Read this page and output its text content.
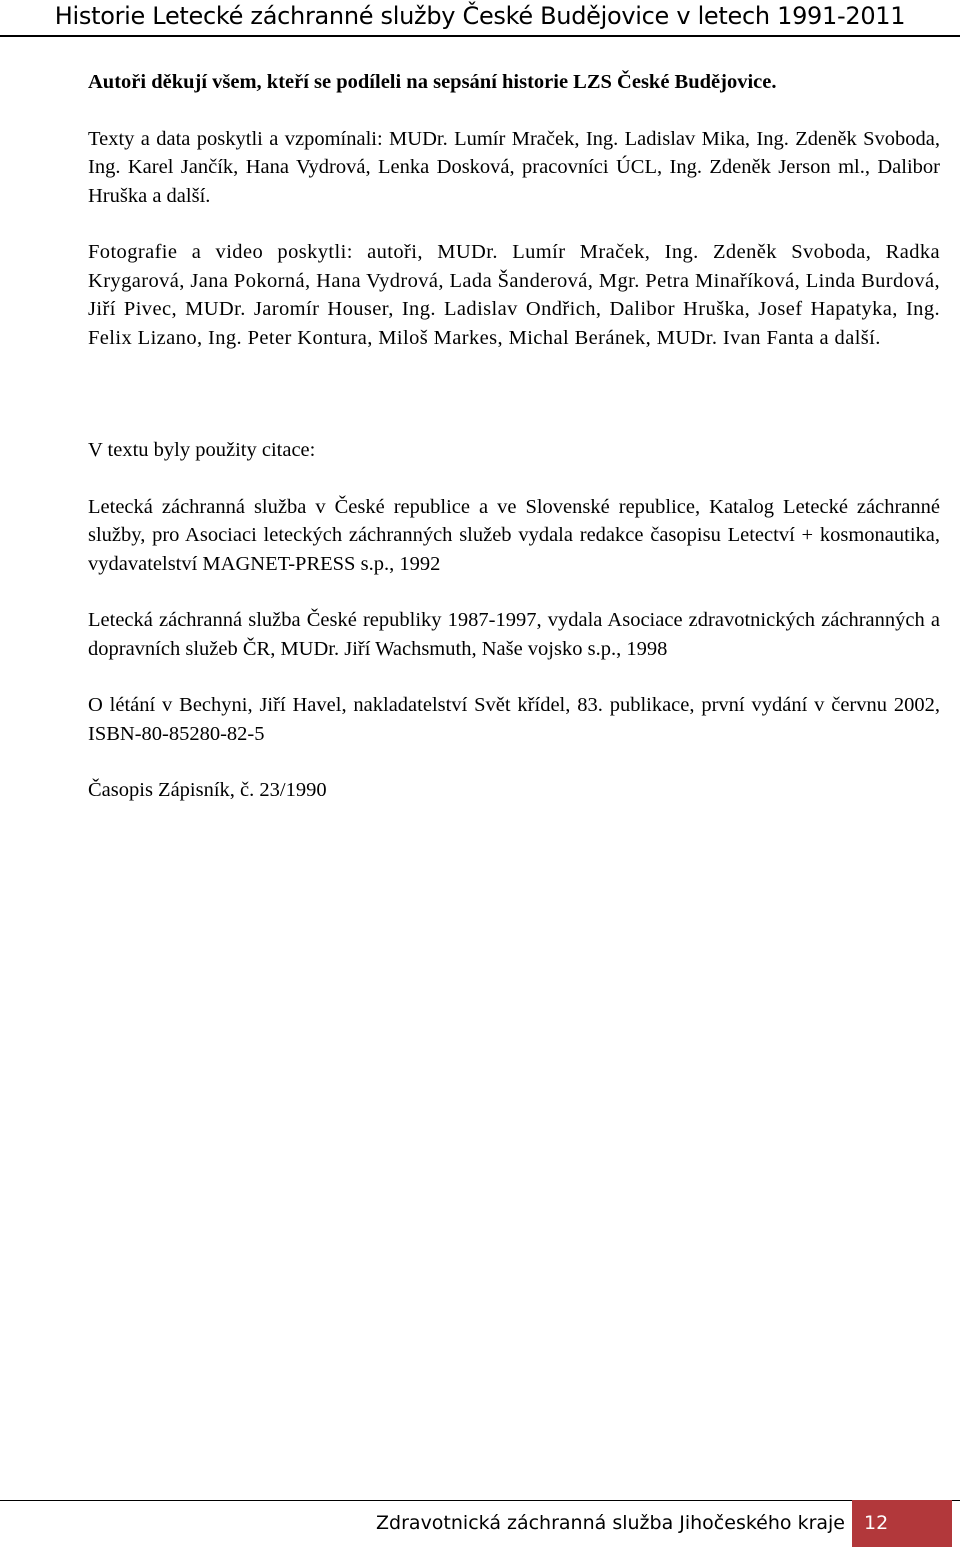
Historie Letecké záchranné služby České Budějovice v letech 1991-2011

Autoři děkují všem, kteří se podíleli na sepsání historie LZS České Budějovice.

Texty a data poskytli a vzpomínali: MUDr. Lumír Mraček, Ing. Ladislav Mika, Ing. Zdeněk Svoboda, Ing. Karel Jančík, Hana Vydrová, Lenka Dosková, pracovníci ÚCL, Ing. Zdeněk Jerson ml., Dalibor Hruška a další.

Fotografie a video poskytli: autoři, MUDr. Lumír Mraček, Ing. Zdeněk Svoboda, Radka Krygarová, Jana Pokorná, Hana Vydrová, Lada Šanderová, Mgr. Petra Minaříková, Linda Burdová, Jiří Pivec, MUDr. Jaromír Houser, Ing. Ladislav Ondřich, Dalibor Hruška, Josef Hapatyka, Ing. Felix Lizano, Ing. Peter Kontura, Miloš Markes, Michal Beránek, MUDr. Ivan Fanta a další.

V textu byly použity citace:

Letecká záchranná služba v České republice a ve Slovenské republice, Katalog Letecké záchranné služby, pro Asociaci leteckých záchranných služeb vydala redakce časopisu Letectví + kosmonautika, vydavatelství MAGNET-PRESS s.p., 1992

Letecká záchranná služba České republiky 1987-1997, vydala Asociace zdravotnických záchranných a dopravních služeb ČR, MUDr. Jiří Wachsmuth, Naše vojsko s.p., 1998

O létání v Bechyni, Jiří Havel, nakladatelství Svět křídel, 83. publikace, první vydání v červnu 2002, ISBN-80-85280-82-5

Časopis Zápisník, č. 23/1990

Zdravotnická záchranná služba Jihočeského kraje	12
